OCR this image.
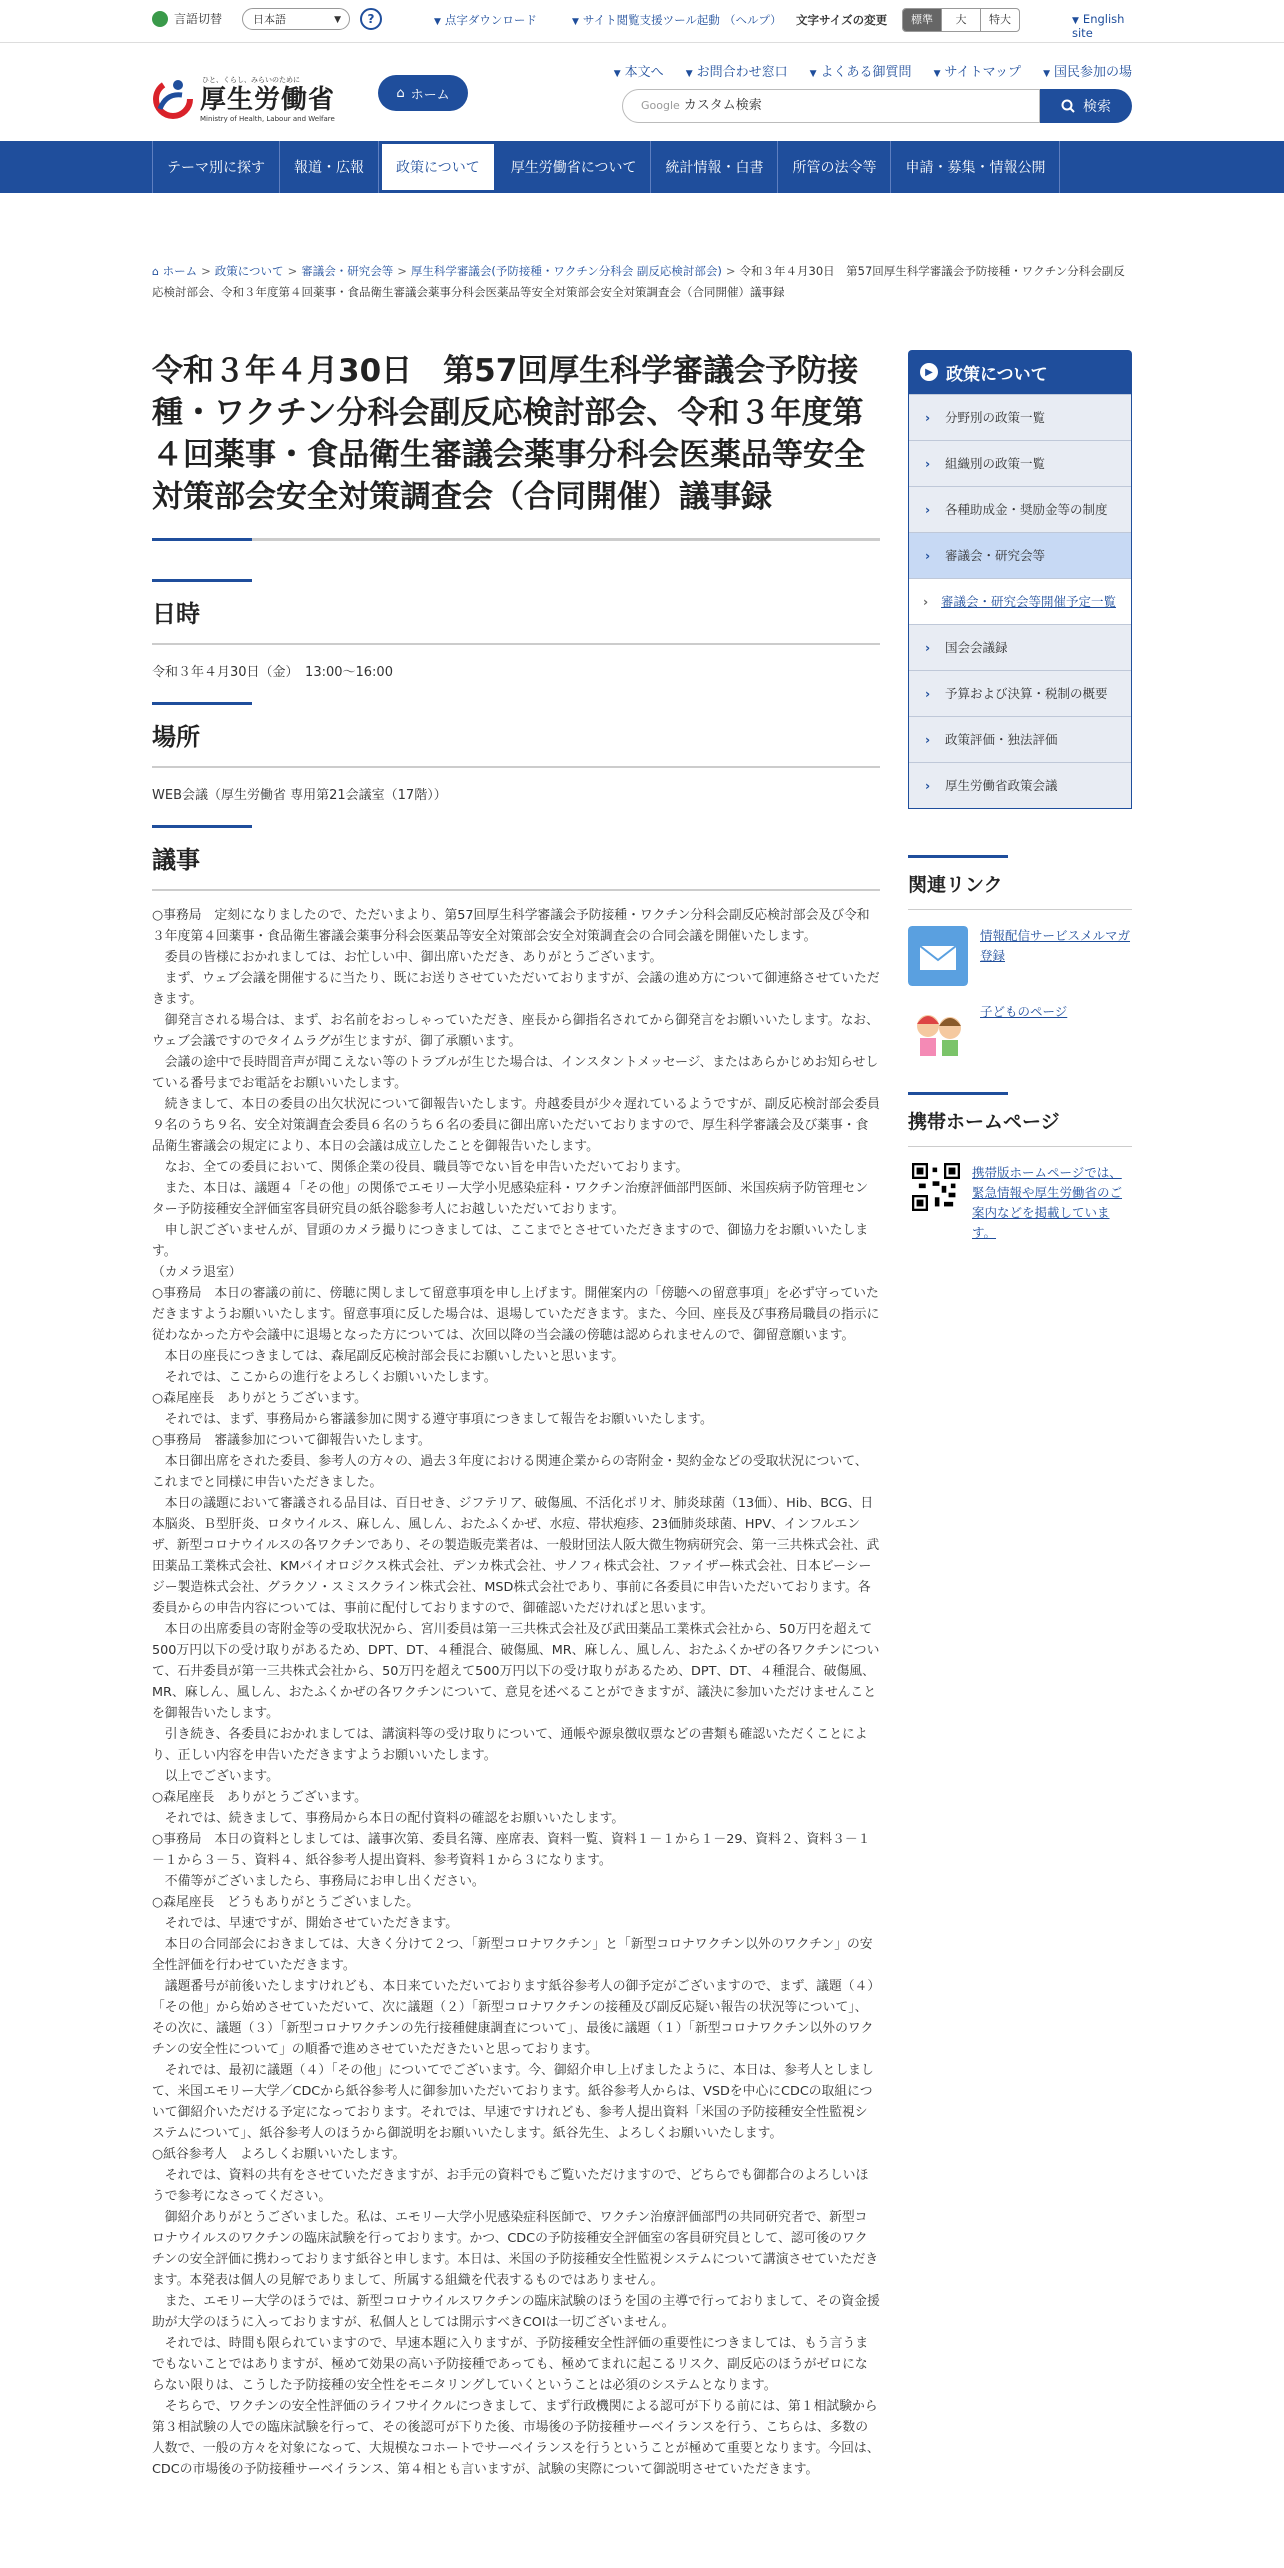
言語切替	日本語	▼	?	▼ 点字ダウンロード	▼ サイト閲覧支援ツール起動 （ヘルプ） 文字サイズの変更	標準	大	特大	▼ English site
ひと、くらし、みらいのために
厚生労働省
Ministry of Health, Labour and Welfare
⌂ ホーム
▼ 本文へ ▼ お問合わせ窓口 ▼ よくある御質問 ▼ サイトマップ ▼ 国民参加の場
Google カスタム検索	検索
テーマ別に探す	報道・広報	政策について	厚生労働省について	統計情報・白書	所管の法令等	申請・募集・情報公開
⌂ ホーム > 政策について > 審議会・研究会等 > 厚生科学審議会(予防接種・ワクチン分科会 副反応検討部会) > 令和３年４月30日　第57回厚生科学審議会予防接種・ワクチン分科会副反応検討部会、令和３年度第４回薬事・食品衛生審議会薬事分科会医薬品等安全対策部会安全対策調査会（合同開催）議事録
令和３年４月30日　第57回厚生科学審議会予防接種・ワクチン分科会副反応検討部会、令和３年度第４回薬事・食品衛生審議会薬事分科会医薬品等安全対策部会安全対策調査会（合同開催）議事録
日時
令和３年４月30日（金）　13:00～16:00
場所
WEB会議（厚生労働省 専用第21会議室（17階））
議事

○事務局　定刻になりましたので、ただいまより、第57回厚生科学審議会予防接種・ワクチン分科会副反応検討部会及び令和３年度第４回薬事・食品衛生審議会薬事分科会医薬品等安全対策部会安全対策調査会の合同会議を開催いたします。

　委員の皆様におかれましては、お忙しい中、御出席いただき、ありがとうございます。

　まず、ウェブ会議を開催するに当たり、既にお送りさせていただいておりますが、会議の進め方について御連絡させていただきます。

　御発言される場合は、まず、お名前をおっしゃっていただき、座長から御指名されてから御発言をお願いいたします。なお、ウェブ会議ですのでタイムラグが生じますが、御了承願います。

　会議の途中で長時間音声が聞こえない等のトラブルが生じた場合は、インスタントメッセージ、またはあらかじめお知らせしている番号までお電話をお願いいたします。

　続きまして、本日の委員の出欠状況について御報告いたします。舟越委員が少々遅れているようですが、副反応検討部会委員９名のうち９名、安全対策調査会委員６名のうち６名の委員に御出席いただいておりますので、厚生科学審議会及び薬事・食品衛生審議会の規定により、本日の会議は成立したことを御報告いたします。

　なお、全ての委員において、関係企業の役員、職員等でない旨を申告いただいております。

　また、本日は、議題４「その他」の関係でエモリー大学小児感染症科・ワクチン治療評価部門医師、米国疾病予防管理センター予防接種安全評価室客員研究員の紙谷聡参考人にお越しいただいております。

　申し訳ございませんが、冒頭のカメラ撮りにつきましては、ここまでとさせていただきますので、御協力をお願いいたします。

（カメラ退室）

○事務局　本日の審議の前に、傍聴に関しまして留意事項を申し上げます。開催案内の「傍聴への留意事項」を必ず守っていただきますようお願いいたします。留意事項に反した場合は、退場していただきます。また、今回、座長及び事務局職員の指示に従わなかった方や会議中に退場となった方については、次回以降の当会議の傍聴は認められませんので、御留意願います。

　本日の座長につきましては、森尾副反応検討部会長にお願いしたいと思います。

　それでは、ここからの進行をよろしくお願いいたします。

○森尾座長　ありがとうございます。

　それでは、まず、事務局から審議参加に関する遵守事項につきまして報告をお願いいたします。

○事務局　審議参加について御報告いたします。

　本日御出席をされた委員、参考人の方々の、過去３年度における関連企業からの寄附金・契約金などの受取状況について、これまでと同様に申告いただきました。

　本日の議題において審議される品目は、百日せき、ジフテリア、破傷風、不活化ポリオ、肺炎球菌（13価）、Hib、BCG、日本脳炎、Ｂ型肝炎、ロタウイルス、麻しん、風しん、おたふくかぜ、水痘、帯状疱疹、23価肺炎球菌、HPV、インフルエンザ、新型コロナウイルスの各ワクチンであり、その製造販売業者は、一般財団法人阪大微生物病研究会、第一三共株式会社、武田薬品工業株式会社、KMバイオロジクス株式会社、デンカ株式会社、サノフィ株式会社、ファイザー株式会社、日本ビーシージー製造株式会社、グラクソ・スミスクライン株式会社、MSD株式会社であり、事前に各委員に申告いただいております。各委員からの申告内容については、事前に配付しておりますので、御確認いただければと思います。

　本日の出席委員の寄附金等の受取状況から、宮川委員は第一三共株式会社及び武田薬品工業株式会社から、50万円を超えて500万円以下の受け取りがあるため、DPT、DT、４種混合、破傷風、MR、麻しん、風しん、おたふくかぜの各ワクチンについて、石井委員が第一三共株式会社から、50万円を超えて500万円以下の受け取りがあるため、DPT、DT、４種混合、破傷風、MR、麻しん、風しん、おたふくかぜの各ワクチンについて、意見を述べることができますが、議決に参加いただけませんことを御報告いたします。

　引き続き、各委員におかれましては、講演料等の受け取りについて、通帳や源泉徴収票などの書類も確認いただくことにより、正しい内容を申告いただきますようお願いいたします。

　以上でございます。

○森尾座長　ありがとうございます。

　それでは、続きまして、事務局から本日の配付資料の確認をお願いいたします。

○事務局　本日の資料としましては、議事次第、委員名簿、座席表、資料一覧、資料１－１から１－29、資料２、資料３－１－１から３－５、資料４、紙谷参考人提出資料、参考資料１から３になります。

　不備等がございましたら、事務局にお申し出ください。

○森尾座長　どうもありがとうございました。

　それでは、早速ですが、開始させていただきます。

　本日の合同部会におきましては、大きく分けて２つ、「新型コロナワクチン」と「新型コロナワクチン以外のワクチン」の安全性評価を行わせていただきます。

　議題番号が前後いたしますけれども、本日来ていただいております紙谷参考人の御予定がございますので、まず、議題（４）「その他」から始めさせていただいて、次に議題（２）「新型コロナワクチンの接種及び副反応疑い報告の状況等について」、その次に、議題（３）「新型コロナワクチンの先行接種健康調査について」、最後に議題（１）「新型コロナワクチン以外のワクチンの安全性について」の順番で進めさせていただきたいと思っております。

　それでは、最初に議題（４）「その他」についてでございます。今、御紹介申し上げましたように、本日は、参考人としまして、米国エモリー大学／CDCから紙谷参考人に御参加いただいております。紙谷参考人からは、VSDを中心にCDCの取組について御紹介いただける予定になっております。それでは、早速ですけれども、参考人提出資料「米国の予防接種安全性監視システムについて」、紙谷参考人のほうから御説明をお願いいたします。紙谷先生、よろしくお願いいたします。

○紙谷参考人　よろしくお願いいたします。

　それでは、資料の共有をさせていただきますが、お手元の資料でもご覧いただけますので、どちらでも御都合のよろしいほうで参考になさってください。

　御紹介ありがとうございました。私は、エモリー大学小児感染症科医師で、ワクチン治療評価部門の共同研究者で、新型コロナウイルスのワクチンの臨床試験を行っております。かつ、CDCの予防接種安全評価室の客員研究員として、認可後のワクチンの安全評価に携わっております紙谷と申します。本日は、米国の予防接種安全性監視システムについて講演させていただきます。本発表は個人の見解でありまして、所属する組織を代表するものではありません。

　また、エモリー大学のほうでは、新型コロナウイルスワクチンの臨床試験のほうを国の主導で行っておりまして、その資金援助が大学のほうに入っておりますが、私個人としては開示すべきCOIは一切ございません。

　それでは、時間も限られていますので、早速本題に入りますが、予防接種安全性評価の重要性につきましては、もう言うまでもないことではありますが、極めて効果の高い予防接種であっても、極めてまれに起こるリスク、副反応のほうがゼロにならない限りは、こうした予防接種の安全性をモニタリングしていくということは必須のシステムとなります。

　そちらで、ワクチンの安全性評価のライフサイクルにつきまして、まず行政機関による認可が下りる前には、第１相試験から第３相試験の人での臨床試験を行って、その後認可が下りた後、市場後の予防接種サーベイランスを行う、こちらは、多数の人数で、一般の方々を対象になって、大規模なコホートでサーベイランスを行うということが極めて重要となります。今回は、CDCの市場後の予防接種サーベイランス、第４相とも言いますが、試験の実際について御説明させていただきます。

▶ 政策について
› 分野別の政策一覧
› 組織別の政策一覧
› 各種助成金・奨励金等の制度
› 審議会・研究会等
› 審議会・研究会等開催予定一覧
› 国会会議録
› 予算および決算・税制の概要
› 政策評価・独法評価
› 厚生労働省政策会議
関連リンク
情報配信サービスメルマガ登録
子どものページ
携帯ホームページ
携帯版ホームページでは、緊急情報や厚生労働省のご案内などを掲載しています。
